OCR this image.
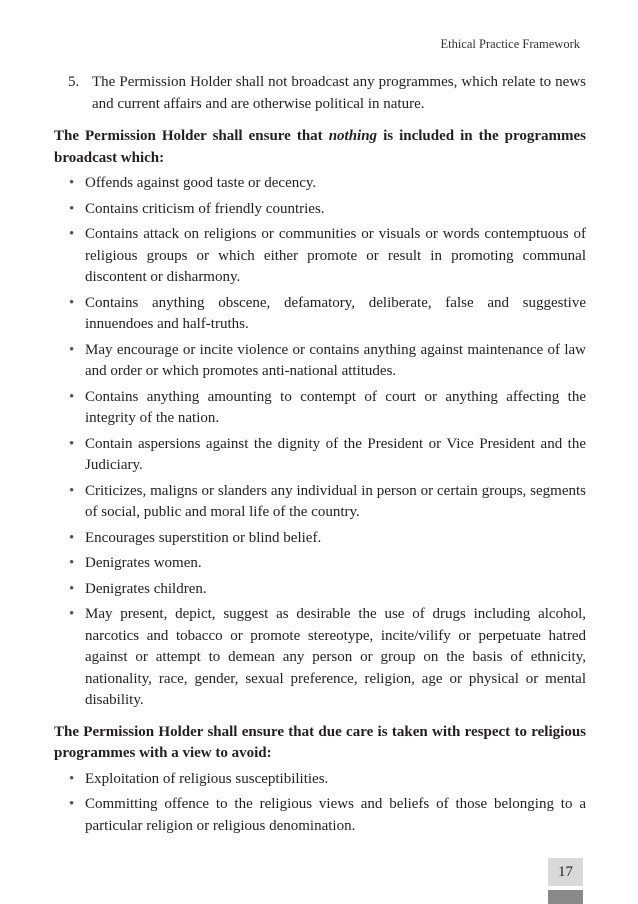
Ethical Practice Framework
5. The Permission Holder shall not broadcast any programmes, which relate to news and current affairs and are otherwise political in nature.
The Permission Holder shall ensure that nothing is included in the programmes broadcast which:
• Offends against good taste or decency.
• Contains criticism of friendly countries.
• Contains attack on religions or communities or visuals or words contemptuous of religious groups or which either promote or result in promoting communal discontent or disharmony.
• Contains anything obscene, defamatory, deliberate, false and suggestive innuendoes and half-truths.
• May encourage or incite violence or contains anything against maintenance of law and order or which promotes anti-national attitudes.
• Contains anything amounting to contempt of court or anything affecting the integrity of the nation.
• Contain aspersions against the dignity of the President or Vice President and the Judiciary.
• Criticizes, maligns or slanders any individual in person or certain groups, segments of social, public and moral life of the country.
• Encourages superstition or blind belief.
• Denigrates women.
• Denigrates children.
• May present, depict, suggest as desirable the use of drugs including alcohol, narcotics and tobacco or promote stereotype, incite/vilify or perpetuate hatred against or attempt to demean any person or group on the basis of ethnicity, nationality, race, gender, sexual preference, religion, age or physical or mental disability.
The Permission Holder shall ensure that due care is taken with respect to religious programmes with a view to avoid:
• Exploitation of religious susceptibilities.
• Committing offence to the religious views and beliefs of those belonging to a particular religion or religious denomination.
17
